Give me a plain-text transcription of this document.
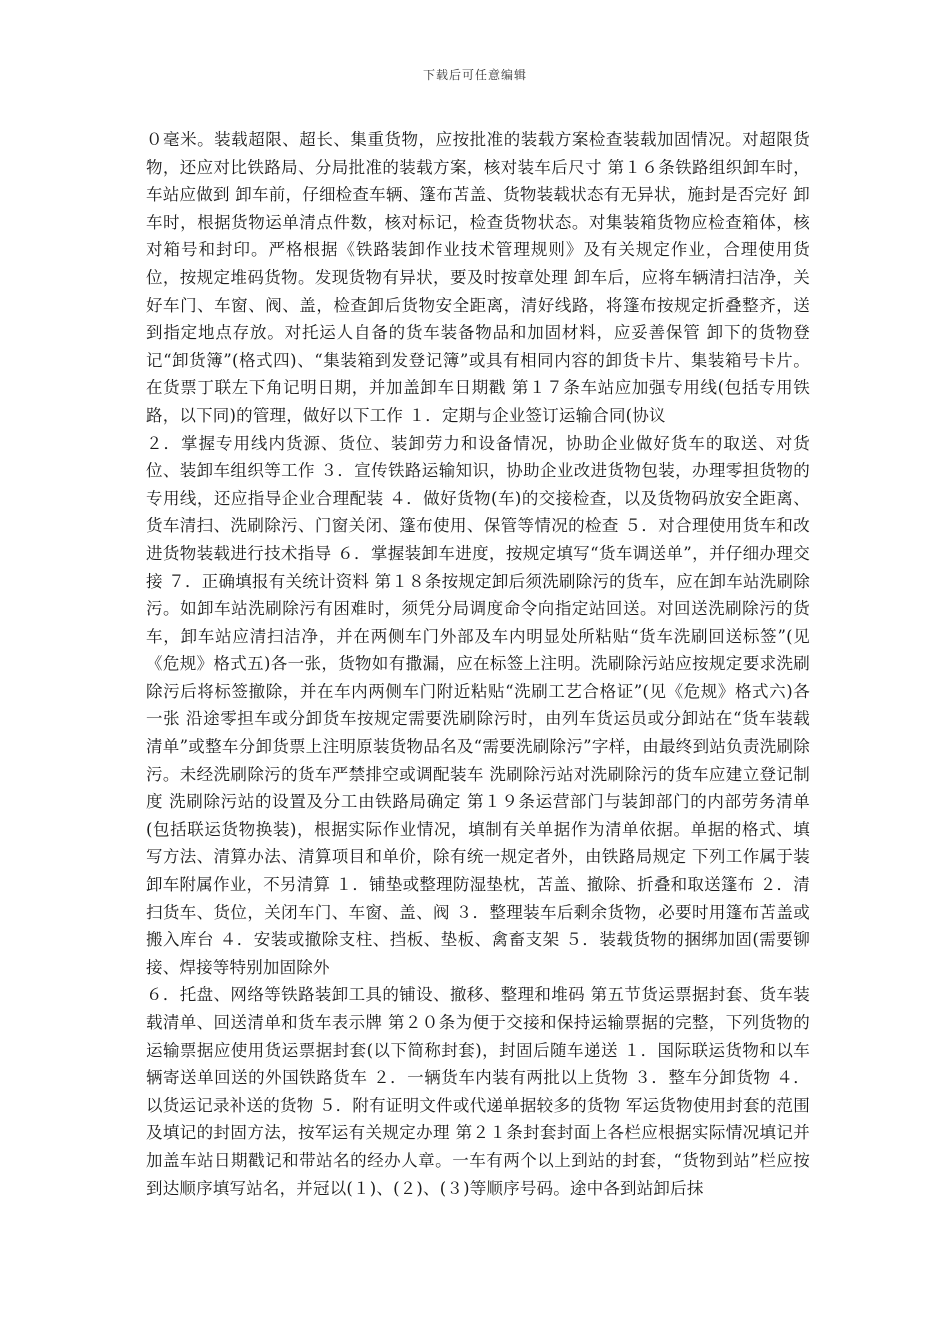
下载后可任意编辑

０毫米。装载超限、超长、集重货物，应按批准的装载方案检查装载加固情况。对超限货物，还应对比铁路局、分局批准的装载方案，核对装车后尺寸 第１６条铁路组织卸车时，车站应做到 卸车前，仔细检查车辆、篷布苫盖、货物装载状态有无异状，施封是否完好 卸车时，根据货物运单清点件数，核对标记，检查货物状态。对集装箱货物应检查箱体，核对箱号和封印。严格根据《铁路装卸作业技术管理规则》及有关规定作业，合理使用货位，按规定堆码货物。发现货物有异状，要及时按章处理 卸车后，应将车辆清扫洁净，关好车门、车窗、阀、盖，检查卸后货物安全距离，清好线路，将篷布按规定折叠整齐，送到指定地点存放。对托运人自备的货车装备物品和加固材料，应妥善保管 卸下的货物登记“卸货簿”(格式四)、“集装箱到发登记簿”或具有相同内容的卸货卡片、集装箱号卡片。在货票丁联左下角记明日期，并加盖卸车日期戳 第１７条车站应加强专用线(包括专用铁路，以下同)的管理，做好以下工作 １．定期与企业签订运输合同(协议

２．掌握专用线内货源、货位、装卸劳力和设备情况，协助企业做好货车的取送、对货位、装卸车组织等工作 ３．宣传铁路运输知识，协助企业改进货物包装，办理零担货物的专用线，还应指导企业合理配装 ４．做好货物(车)的交接检查，以及货物码放安全距离、货车清扫、洗刷除污、门窗关闭、篷布使用、保管等情况的检查 ５．对合理使用货车和改进货物装载进行技术指导 ６．掌握装卸车进度，按规定填写“货车调送单”，并仔细办理交接 ７．正确填报有关统计资料 第１８条按规定卸后须洗刷除污的货车，应在卸车站洗刷除污。如卸车站洗刷除污有困难时，须凭分局调度命令向指定站回送。对回送洗刷除污的货车，卸车站应清扫洁净，并在两侧车门外部及车内明显处所粘贴“货车洗刷回送标签”(见《危规》格式五)各一张，货物如有撒漏，应在标签上注明。洗刷除污站应按规定要求洗刷除污后将标签撤除，并在车内两侧车门附近粘贴“洗刷工艺合格证”(见《危规》格式六)各一张 沿途零担车或分卸货车按规定需要洗刷除污时，由列车货运员或分卸站在“货车装载清单”或整车分卸货票上注明原装货物品名及“需要洗刷除污”字样，由最终到站负责洗刷除污。未经洗刷除污的货车严禁排空或调配装车 洗刷除污站对洗刷除污的货车应建立登记制度 洗刷除污站的设置及分工由铁路局确定 第１９条运营部门与装卸部门的内部劳务清单(包括联运货物换装)，根据实际作业情况，填制有关单据作为清单依据。单据的格式、填写方法、清算办法、清算项目和单价，除有统一规定者外，由铁路局规定 下列工作属于装卸车附属作业，不另清算 １．铺垫或整理防湿垫枕，苫盖、撤除、折叠和取送篷布 ２．清扫货车、货位，关闭车门、车窗、盖、阀 ３．整理装车后剩余货物，必要时用篷布苫盖或搬入库台 ４．安装或撤除支柱、挡板、垫板、禽畜支架 ５．装载货物的捆绑加固(需要铆接、焊接等特别加固除外

６．托盘、网络等铁路装卸工具的铺设、撤移、整理和堆码 第五节货运票据封套、货车装载清单、回送清单和货车表示牌 第２０条为便于交接和保持运输票据的完整，下列货物的运输票据应使用货运票据封套(以下简称封套)，封固后随车递送 １．国际联运货物和以车辆寄送单回送的外国铁路货车 ２．一辆货车内装有两批以上货物 ３．整车分卸货物 ４．以货运记录补送的货物 ５．附有证明文件或代递单据较多的货物 军运货物使用封套的范围及填记的封固方法，按军运有关规定办理 第２１条封套封面上各栏应根据实际情况填记并加盖车站日期戳记和带站名的经办人章。一车有两个以上到站的封套，“货物到站”栏应按到达顺序填写站名，并冠以(１)、(２)、(３)等顺序号码。途中各到站卸后抹
